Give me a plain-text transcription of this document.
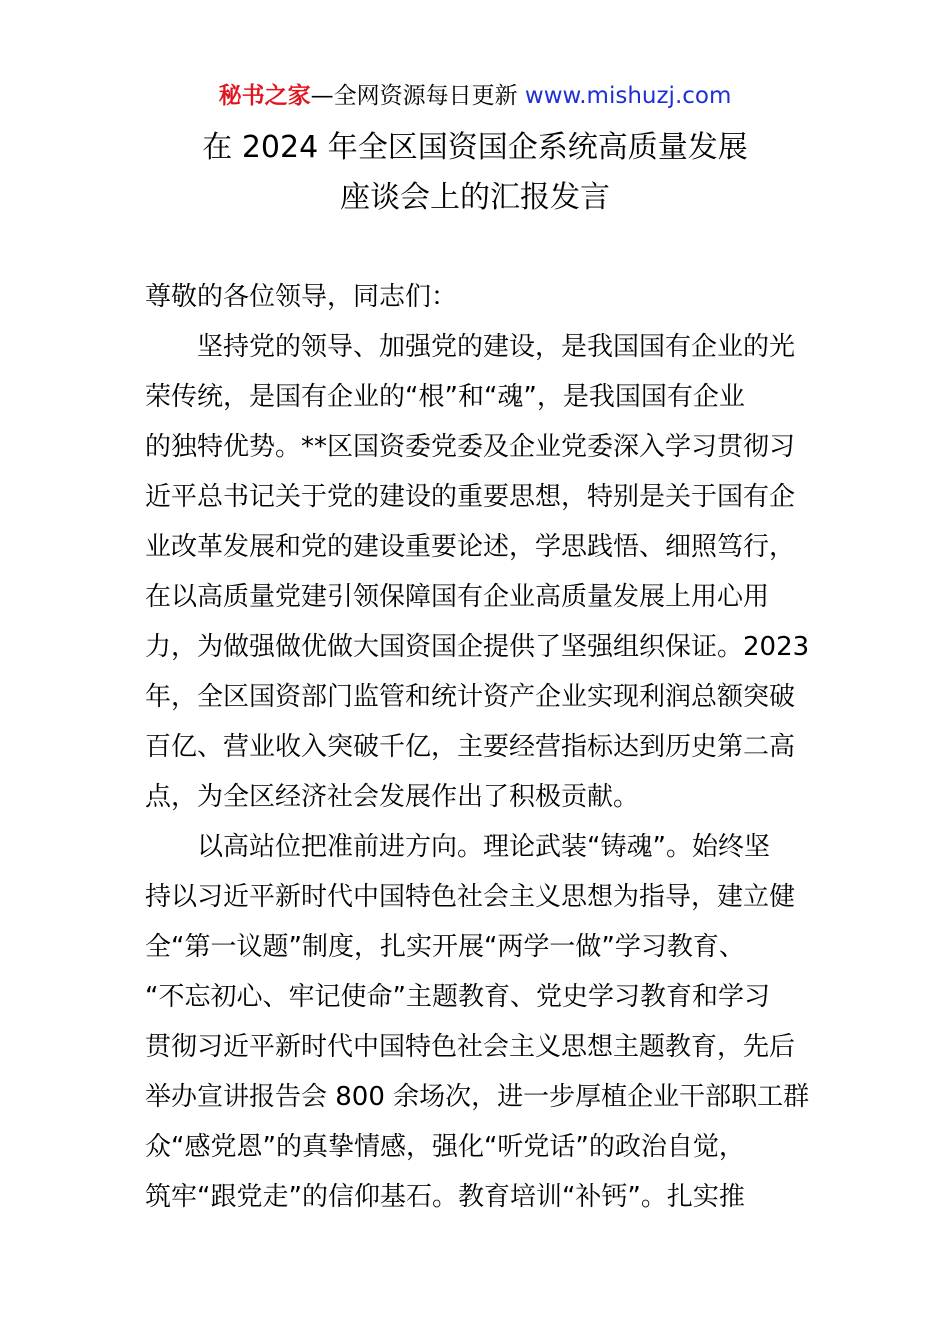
秘书之家—全网资源每日更新 www.mishuzj.com
在 2024 年全区国资国企系统高质量发展
座谈会上的汇报发言
尊敬的各位领导，同志们：
　　坚持党的领导、加强党的建设，是我国国有企业的光
荣传统，是国有企业的“根”和“魂”，是我国国有企业
的独特优势。**区国资委党委及企业党委深入学习贯彻习
近平总书记关于党的建设的重要思想，特别是关于国有企
业改革发展和党的建设重要论述，学思践悟、细照笃行，
在以高质量党建引领保障国有企业高质量发展上用心用
力，为做强做优做大国资国企提供了坚强组织保证。2023
年，全区国资部门监管和统计资产企业实现利润总额突破
百亿、营业收入突破千亿，主要经营指标达到历史第二高
点，为全区经济社会发展作出了积极贡献。
　　以高站位把准前进方向。理论武装“铸魂”。始终坚
持以习近平新时代中国特色社会主义思想为指导，建立健
全“第一议题”制度，扎实开展“两学一做”学习教育、
“不忘初心、牢记使命”主题教育、党史学习教育和学习
贯彻习近平新时代中国特色社会主义思想主题教育，先后
举办宣讲报告会 800 余场次，进一步厚植企业干部职工群
众“感党恩”的真挚情感，强化“听党话”的政治自觉，
筑牢“跟党走”的信仰基石。教育培训“补钙”。扎实推
